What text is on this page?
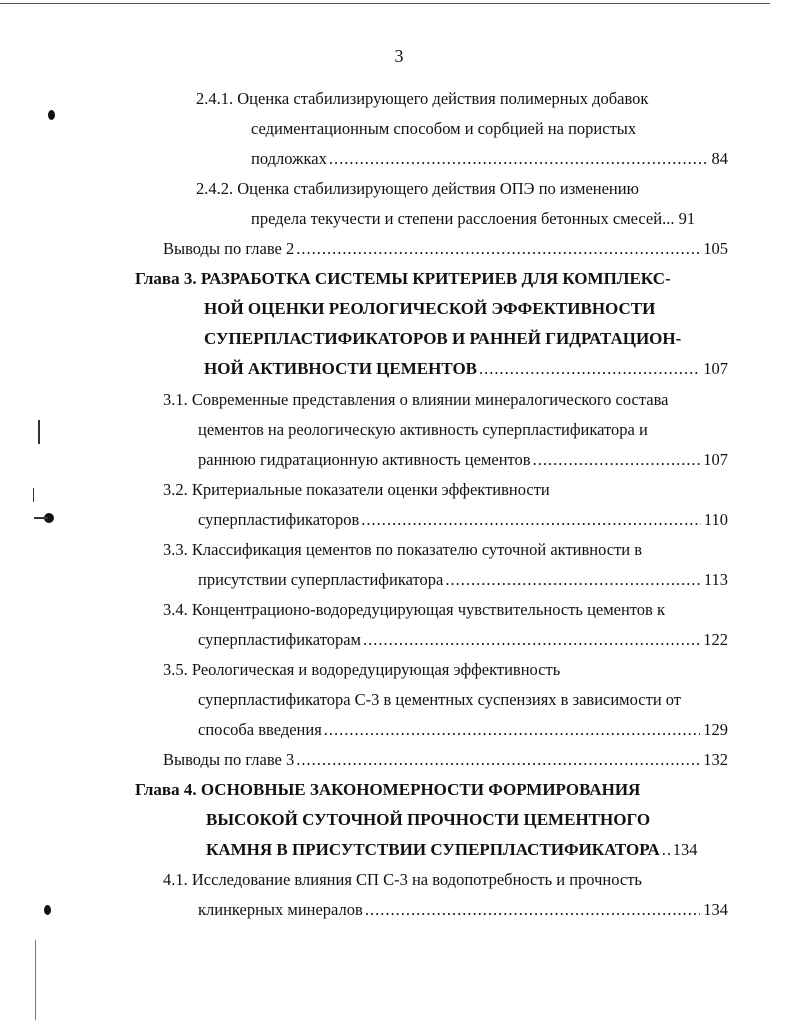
3
2.4.1. Оценка стабилизирующего действия полимерных добавок
седиментационным способом и сорбцией на пористых
подложках .....	84
2.4.2. Оценка стабилизирующего действия ОПЭ по изменению
предела текучести и степени расслоения бетонных смесей... 91
Выводы по главе 2 .....	105
Глава 3. РАЗРАБОТКА СИСТЕМЫ КРИТЕРИЕВ ДЛЯ КОМПЛЕКС-
НОЙ ОЦЕНКИ РЕОЛОГИЧЕСКОЙ ЭФФЕКТИВНОСТИ
СУПЕРПЛАСТИФИКАТОРОВ И РАННЕЙ ГИДРАТАЦИОН-
НОЙ АКТИВНОСТИ ЦЕМЕНТОВ .....	107
3.1. Современные представления о влиянии минералогического состава
цементов на реологическую активность суперпластификатора и
раннюю гидратационную активность цементов .....	107
3.2. Критериальные показатели оценки эффективности
суперпластификаторов .....	110
3.3. Классификация цементов по показателю суточной активности в
присутствии суперпластификатора .....	113
3.4. Концентрационо-водоредуцирующая чувствительность цементов к
суперпластификаторам .....	122
3.5. Реологическая и водоредуцирующая эффективность
суперпластификатора С-3 в цементных суспензиях в зависимости от
способа введения .....	129
Выводы по главе 3 .....	132
Глава 4. ОСНОВНЫЕ ЗАКОНОМЕРНОСТИ ФОРМИРОВАНИЯ
ВЫСОКОЙ СУТОЧНОЙ ПРОЧНОСТИ ЦЕМЕНТНОГО
КАМНЯ В ПРИСУТСТВИИ СУПЕРПЛАСТИФИКАТОРА ..... 134
4.1. Исследование влияния СП С-3 на водопотребность и прочность
клинкерных минералов .....	134
